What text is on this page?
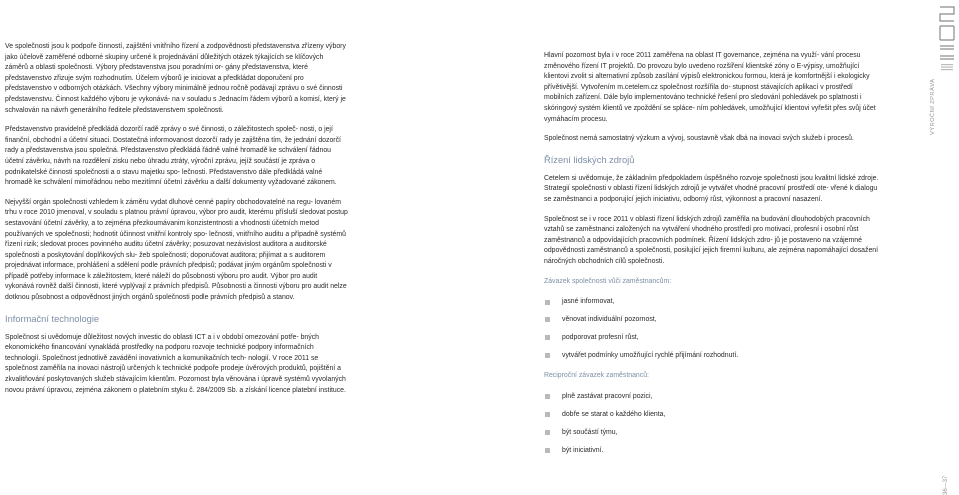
Ve společnosti jsou k podpoře činností, zajištění vnitřního řízení a zodpovědnosti představenstva zřízeny výbory jako účelově zaměřené odborné skupiny určené k projednávání důležitých otázek týkajících se klíčových záměrů a oblasti společnosti. Výbory představenstva jsou poradními or- gány představenstva, které představenstvo zřizuje svým rozhodnutím. Účelem výborů je iniciovat a předkládat doporučení pro představenstvo v odborných otázkách. Všechny výbory minimálně jednou ročně podávají zprávu o své činnosti představenstvu. Činnost každého výboru je vykonává- na v souladu s Jednacím řádem výborů a komisí, který je schvalován na návrh generálního ředitele představenstvem společnosti.

Představenstvo pravidelně předkládá dozorčí radě zprávy o své činnosti, o záležitostech společ- nosti, o její finanční, obchodní a účetní situaci. Dostatečná informovanost dozorčí rady je zajištěna tím, že jednání dozorčí rady a představenstva jsou společná. Představenstvo předkládá řádně valné hromadě ke schválení řádnou účetní závěrku, návrh na rozdělení zisku nebo úhradu ztráty, výroční zprávu, jejíž součástí je zpráva o podnikatelské činnosti společnosti a o stavu majetku spo- lečnosti. Představenstvo dále předkládá valné hromadě ke schválení mimořádnou nebo mezitímní účetní závěrku a další dokumenty vyžadované zákonem.

Nejvyšší orgán společnosti vzhledem k záměru vydat dluhové cenné papíry obchodovatelné na regu- lovaném trhu v roce 2010 jmenoval, v souladu s platnou právní úpravou, výbor pro audit, kterému přísluší sledovat postup sestavování účetní závěrky, a to zejména přezkoumávanim konzistentnosti a vhodnosti účetních metod používaných ve společnosti; hodnotit účinnost vnitřní kontroly spo- lečnosti, vnitřního auditu a případně systémů řízení rizik; sledovat proces povinného auditu účetní závěrky; posuzovat nezávislost auditora a auditorské společnosti a poskytování doplňkových slu- žeb společnosti; doporučovat auditora; přijímat a s auditorem projednávat informace, prohlášení a sdělení podle právních předpisů; podávat jiným orgánům společnosti v případě potřeby informace k záležitostem, které náleží do působnosti výboru pro audit. Výbor pro audit vykonává rovněž další činnosti, které vyplývají z právních předpisů. Působnosti a činnosti výboru pro audit nelze dotknou působnost a odpovědnost jiných orgánů společnosti podle právních předpisů a stanov.

Informační technologie

Společnost si uvědomuje důležitost nových investic do oblasti ICT a i v období omezování potře- bných ekonomického financování vynakládá prostředky na podporu rozvoje technické podpory informačních technologií. Společnost jednotlivě zavádění inovativních a komunikačních tech- nologií. V roce 2011 se společnost zaměřila na inovaci nástrojů určených k technické podpoře prodeje úvěrových produktů, pojištění a zkvalitňování poskytovaných služeb stávajícím klientům. Pozornost byla věnována i úpravě systémů vyvolaných novou právní úpravou, zejména zákonem o platebním styku č. 284/2009 Sb. a získání licence platební instituce.

Hlavní pozornost byla i v roce 2011 zaměřena na oblast IT governance, zejména na využí- vání procesu změnového řízení IT projektů. Do provozu bylo uvedeno rozšíření klientské zóny o E-výpisy, umožňující klientovi zvolit si alternativní způsob zasílání výpisů elektronickou formou, která je komfortnější i ekologicky přívětivější. Vytvořením m.cetelem.cz společnost rozšířila do- stupnost stávajících aplikací v prostředí mobilních zařízení. Dále bylo implementováno technické řešení pro sledování pohledávek po splatnosti i skóringový systém klientů ve zpoždění se spláce- ním pohledávek, umožňující klientovi vyřešit přes svůj účet vymáhacím procesu.

Společnost nemá samostatný výzkum a vývoj, soustavně však dbá na inovaci svých služeb i procesů.

Řízení lidských zdrojů

Cetelem si uvědomuje, že základním předpokladem úspěšného rozvoje společnosti jsou kvalitní lidské zdroje. Strategií společnosti v oblasti řízení lidských zdrojů je vytvářet vhodné pracovní prostředí ote- vřené k dialogu se zaměstnanci a podporující jejich iniciativu, odborný růst, výkonnost a pracovní nasazení.

Společnost se i v roce 2011 v oblasti řízení lidských zdrojů zaměřila na budování dlouhodobých pracovních vztahů se zaměstnanci založených na vytváření vhodného prostředí pro motivaci, profesní i osobní růst zaměstnanců a odpovídajících pracovních podmínek. Řízení lidských zdro- jů je postaveno na vzájemné odpovědnosti zaměstnanců a společnosti, posilující jejich firemní kulturu, ale zejména napomáhající dosažení náročných obchodních cílů společnosti.

Závazek společnosti vůči zaměstnancům:
jasné informovat,
věnovat individuální pozornost,
podporovat profesní růst,
vytvářet podmínky umožňující rychlé přijímání rozhodnutí.
Reciproční závazek zaměstnanců:
plně zastávat pracovní pozici,
dobře se starat o každého klienta,
být součástí týmu,
být iniciativní.
VÝROČNÍ ZPRÁVA
36—37
